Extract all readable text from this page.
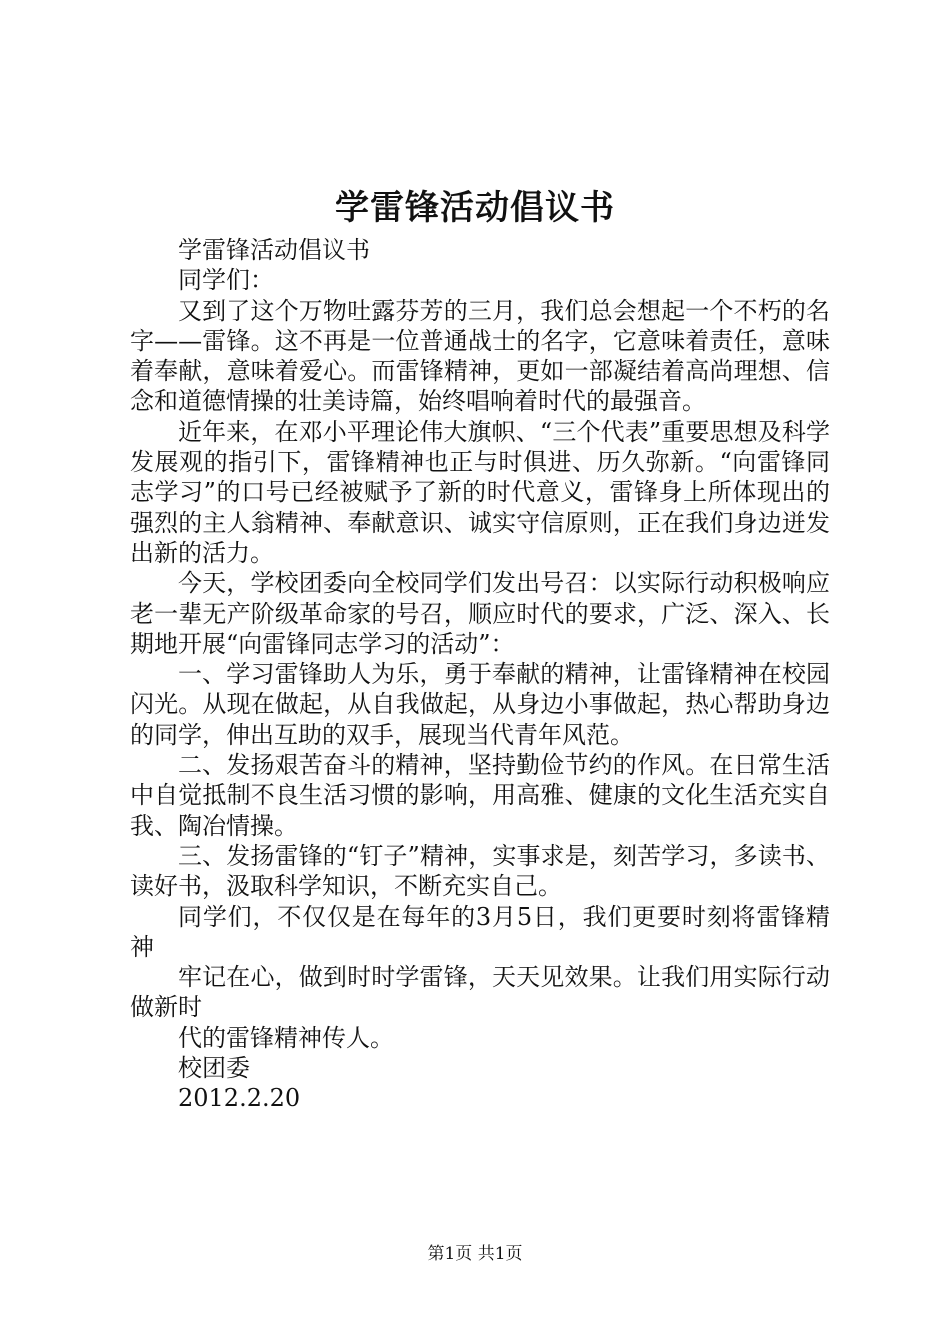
学雷锋活动倡议书

学雷锋活动倡议书

同学们：

又到了这个万物吐露芬芳的三月，我们总会想起一个不朽的名字——雷锋。这不再是一位普通战士的名字，它意味着责任，意味着奉献，意味着爱心。而雷锋精神，更如一部凝结着高尚理想、信念和道德情操的壮美诗篇，始终唱响着时代的最强音。

近年来，在邓小平理论伟大旗帜、“三个代表”重要思想及科学发展观的指引下，雷锋精神也正与时俱进、历久弥新。“向雷锋同志学习”的口号已经被赋予了新的时代意义，雷锋身上所体现出的强烈的主人翁精神、奉献意识、诚实守信原则，正在我们身边迸发出新的活力。

今天，学校团委向全校同学们发出号召：以实际行动积极响应老一辈无产阶级革命家的号召，顺应时代的要求，广泛、深入、长期地开展“向雷锋同志学习的活动”：

一、学习雷锋助人为乐，勇于奉献的精神，让雷锋精神在校园闪光。从现在做起，从自我做起，从身边小事做起，热心帮助身边的同学，伸出互助的双手，展现当代青年风范。

二、发扬艰苦奋斗的精神，坚持勤俭节约的作风。在日常生活中自觉抵制不良生活习惯的影响，用高雅、健康的文化生活充实自我、陶冶情操。

三、发扬雷锋的“钉子”精神，实事求是，刻苦学习，多读书、读好书，汲取科学知识，不断充实自己。

同学们，不仅仅是在每年的3月5日，我们更要时刻将雷锋精神

牢记在心，做到时时学雷锋，天天见效果。让我们用实际行动做新时

代的雷锋精神传人。

校团委

2012.2.20

第1页 共1页
